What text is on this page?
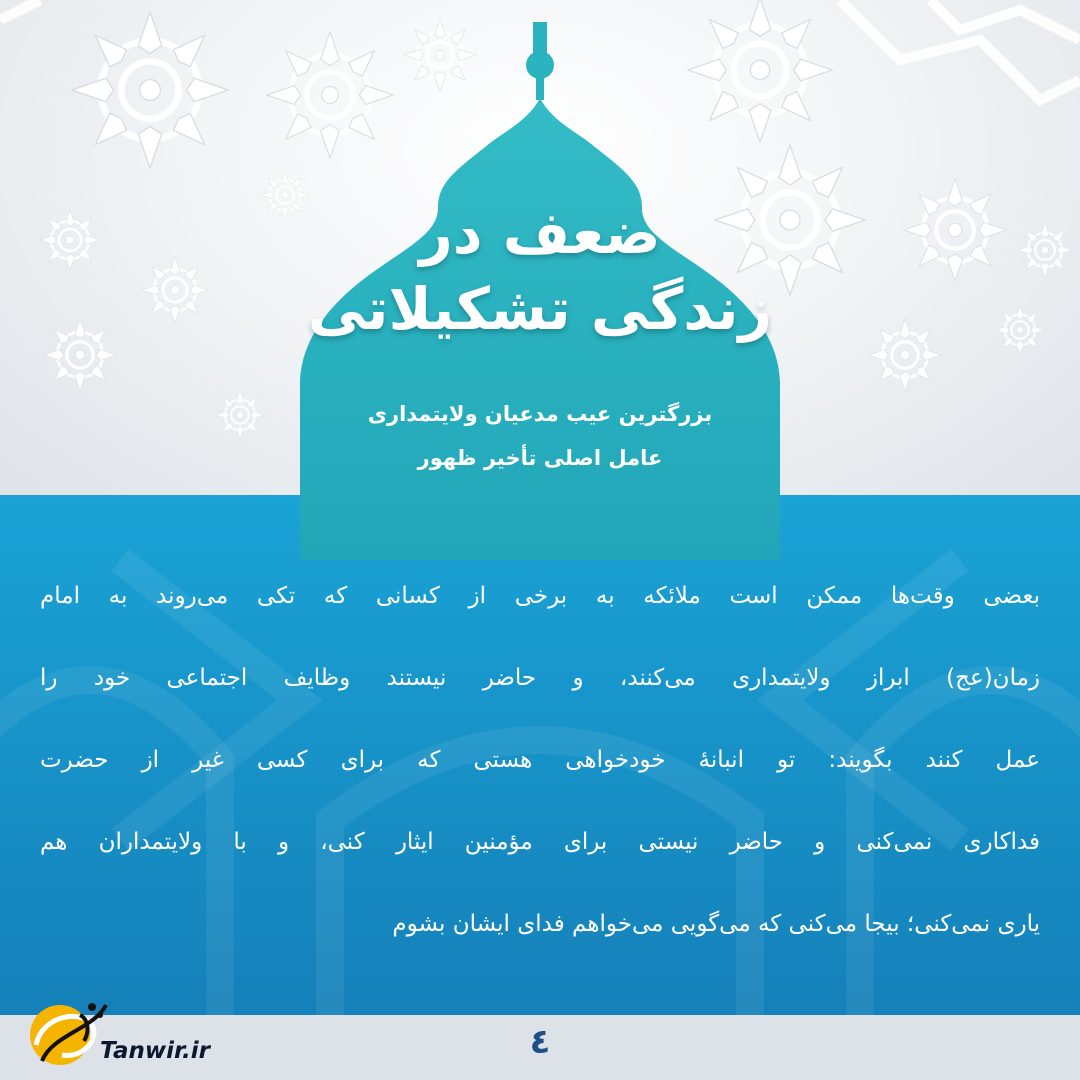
ضعف در
زندگی تشکیلاتی
بزرگترین عیب مدعیان ولایتمداری
عامل اصلی تأخیر ظهور
بعضی وقت‌ها ممکن است ملائکه به برخی از کسانی که تکی می‌روند به امام
زمان(عج) ابراز ولایتمداری می‌کنند، و حاضر نیستند وظایف اجتماعی خود را
عمل کنند بگویند: تو انبانهٔ خودخواهی هستی که برای کسی غیر از حضرت
فداکاری نمی‌کنی و حاضر نیستی برای مؤمنین ایثار کنی، و با ولایتمداران هم
یاری نمی‌کنی؛ بیجا می‌کنی که می‌گویی می‌خواهم فدای ایشان بشوم
Tanwir.ir	٤
